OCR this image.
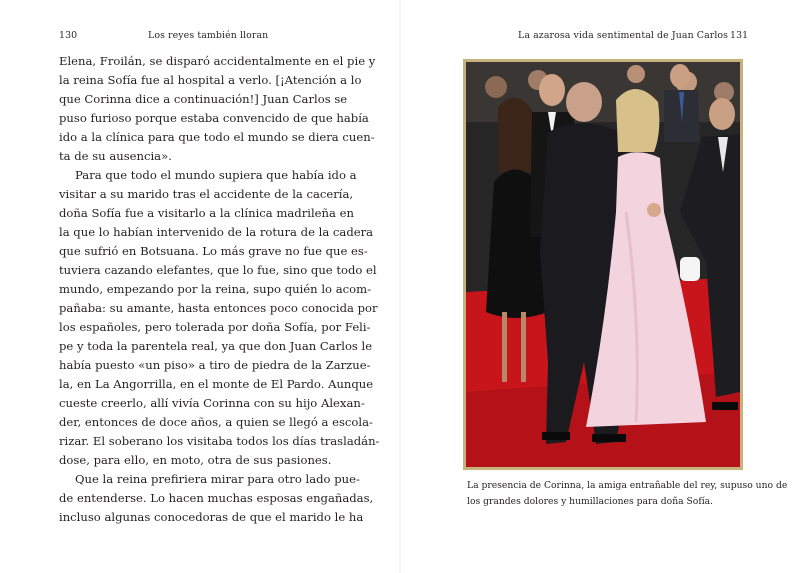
130	Los reyes también lloran
Elena, Froilán, se disparó accidentalmente en el pie y
la reina Sofía fue al hospital a verlo. [¡Atención a lo
que Corinna dice a continuación!] Juan Carlos se
puso furioso porque estaba convencido de que había
ido a la clínica para que todo el mundo se diera cuen-
ta de su ausencia».
Para que todo el mundo supiera que había ido a
visitar a su marido tras el accidente de la cacería,
doña Sofía fue a visitarlo a la clínica madrileña en
la que lo habían intervenido de la rotura de la cadera
que sufrió en Botsuana. Lo más grave no fue que es-
tuviera cazando elefantes, que lo fue, sino que todo el
mundo, empezando por la reina, supo quién lo acom-
pañaba: su amante, hasta entonces poco conocida por
los españoles, pero tolerada por doña Sofía, por Feli-
pe y toda la parentela real, ya que don Juan Carlos le
había puesto «un piso» a tiro de piedra de la Zarzue-
la, en La Angorrilla, en el monte de El Pardo. Aunque
cueste creerlo, allí vivía Corinna con su hijo Alexan-
der, entonces de doce años, a quien se llegó a escola-
rizar. El soberano los visitaba todos los días trasladán-
dose, para ello, en moto, otra de sus pasiones.
Que la reina prefiriera mirar para otro lado pue-
de entenderse. Lo hacen muchas esposas engañadas,
incluso algunas conocedoras de que el marido le ha
La azarosa vida sentimental de Juan Carlos 131
La presencia de Corinna, la amiga entrañable del rey, supuso uno de
los grandes dolores y humillaciones para doña Sofía.
